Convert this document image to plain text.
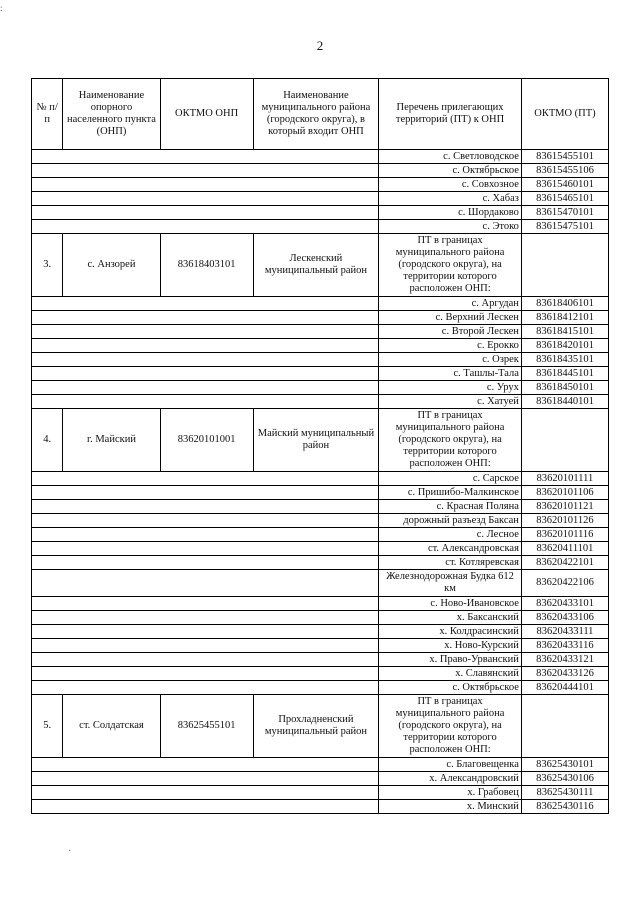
:
2
№ п/п	Наименование опорного населенного пункта (ОНП)	ОКТМО ОНП	Наименование муниципального района (городского округа), в который входит ОНП	Перечень прилегающих территорий (ПТ) к ОНП	ОКТМО (ПТ)
				с. Светловодское	83615455101
				с. Октябрьское	83615455106
				с. Совхозное	83615460101
				с. Хабаз	83615465101
				с. Шордаково	83615470101
				с. Этоко	83615475101
3.	с. Анзорей	83618403101	Лескенский муниципальный район	ПТ в границах муниципального района (городского округа), на территории которого расположен ОНП:	
				с. Аргудан	83618406101
				с. Верхний Лескен	83618412101
				с. Второй Лескен	83618415101
				с. Ерокко	83618420101
				с. Озрек	83618435101
				с. Ташлы-Тала	83618445101
				с. Урух	83618450101
				с. Хатуей	83618440101
4.	г. Майский	83620101001	Майский муниципальный район	ПТ в границах муниципального района (городского округа), на территории которого расположен ОНП:	
				с. Сарское	83620101111
				с. Пришибо-Малкинское	83620101106
				с. Красная Поляна	83620101121
				дорожный разъезд Баксан	83620101126
				с. Лесное	83620101116
				ст. Александровская	83620411101
				ст. Котляревская	83620422101
				Железнодорожная Будка 612 км	83620422106
				с. Ново-Ивановское	83620433101
				х. Баксанский	83620433106
				х. Колдрасинский	83620433111
				х. Ново-Курский	83620433116
				х. Право-Урванский	83620433121
				х. Славянский	83620433126
				с. Октябрьское	83620444101
5.	ст. Солдатская	83625455101	Прохладненский муниципальный район	ПТ в границах муниципального района (городского округа), на территории которого расположен ОНП:	
				с. Благовещенка	83625430101
				х. Александровский	83625430106
				х. Грабовец	83625430111
				х. Минский	83625430116
·
